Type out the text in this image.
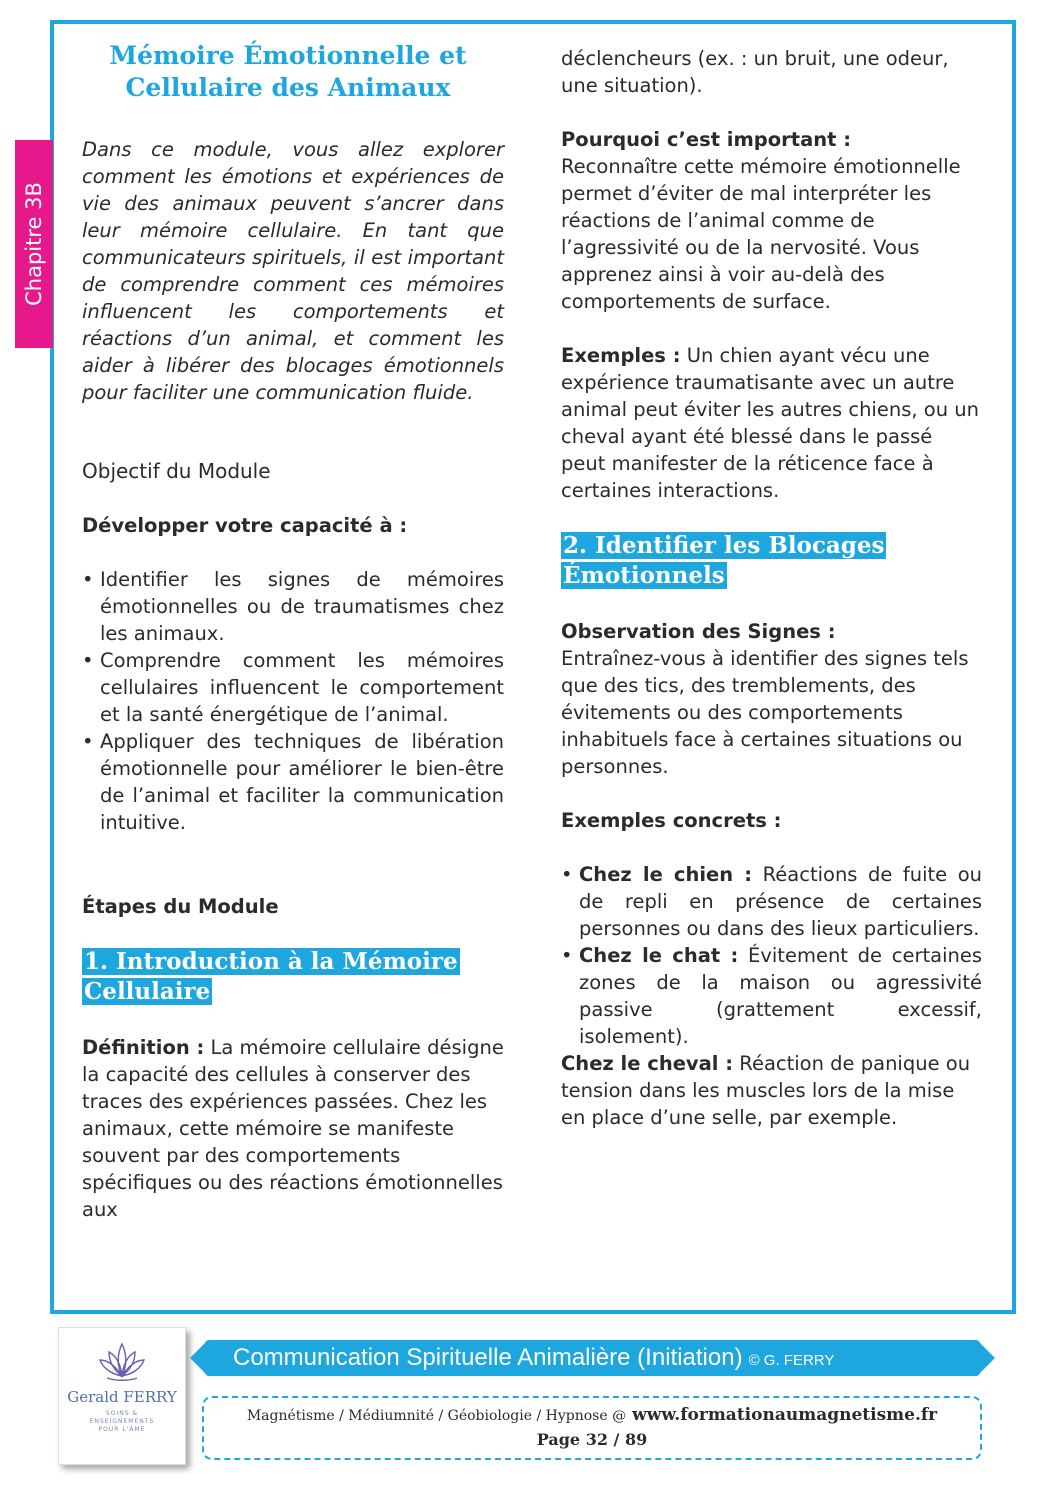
Chapitre 3B
Mémoire Émotionnelle et Cellulaire des Animaux

Dans ce module, vous allez explorer comment les émotions et expériences de vie des animaux peuvent s’ancrer dans leur mémoire cellulaire. En tant que communicateurs spirituels, il est important de comprendre comment ces mémoires influencent les comportements et réactions d’un animal, et comment les aider à libérer des blocages émotionnels pour faciliter une communication fluide.

Objectif du Module

Développer votre capacité à :

• Identifier les signes de mémoires émotionnelles ou de traumatismes chez les animaux.
• Comprendre comment les mémoires cellulaires influencent le comportement et la santé énergétique de l’animal.
• Appliquer des techniques de libération émotionnelle pour améliorer le bien-être de l’animal et faciliter la communication intuitive.

Étapes du Module

1. Introduction à la Mémoire Cellulaire

Définition : La mémoire cellulaire désigne la capacité des cellules à conserver des traces des expériences passées. Chez les animaux, cette mémoire se manifeste souvent par des comportements spécifiques ou des réactions émotionnelles aux

déclencheurs (ex. : un bruit, une odeur, une situation).

Pourquoi c’est important :

Reconnaître cette mémoire émotionnelle permet d’éviter de mal interpréter les réactions de l’animal comme de l’agressivité ou de la nervosité. Vous apprenez ainsi à voir au-delà des comportements de surface.

Exemples : Un chien ayant vécu une expérience traumatisante avec un autre animal peut éviter les autres chiens, ou un cheval ayant été blessé dans le passé peut manifester de la réticence face à certaines interactions.

2. Identifier les Blocages Émotionnels

Observation des Signes :

Entraînez-vous à identifier des signes tels que des tics, des tremblements, des évitements ou des comportements inhabituels face à certaines situations ou personnes.

Exemples concrets :

• Chez le chien : Réactions de fuite ou de repli en présence de certaines personnes ou dans des lieux particuliers.
• Chez le chat : Évitement de certaines zones de la maison ou agressivité passive (grattement excessif, isolement).

Chez le cheval : Réaction de panique ou tension dans les muscles lors de la mise en place d’une selle, par exemple.

Gerald FERRY
SOINS &
ENSEIGNEMENTS
POUR L'ÂME
Communication Spirituelle Animalière (Initiation) © G. FERRY
Magnétisme / Médiumnité / Géobiologie / Hypnose @ www.formationaumagnetisme.fr
Page 32 / 89
